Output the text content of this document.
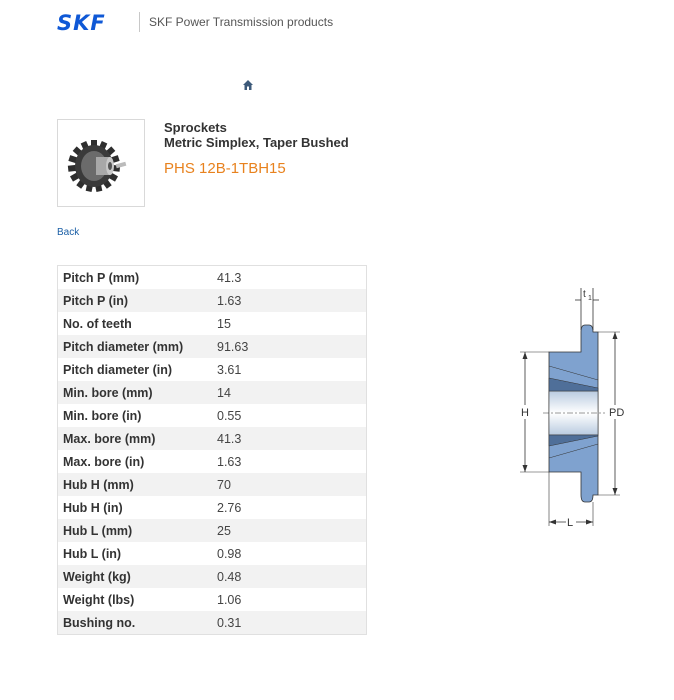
SKF	SKF Power Transmission products
Sprockets
Metric Simplex, Taper Bushed
PHS 12B-1TBH15
Back
Pitch P (mm)	41.3
Pitch P (in)	1.63
No. of teeth	15
Pitch diameter (mm)	91.63
Pitch diameter (in)	3.61
Min. bore (mm)	14
Min. bore (in)	0.55
Max. bore (mm)	41.3
Max. bore (in)	1.63
Hub H (mm)	70
Hub H (in)	2.76
Hub L (mm)	25
Hub L (in)	0.98
Weight (kg)	0.48
Weight (lbs)	1.06
Bushing no.	0.31
t 1
H	PD
L
